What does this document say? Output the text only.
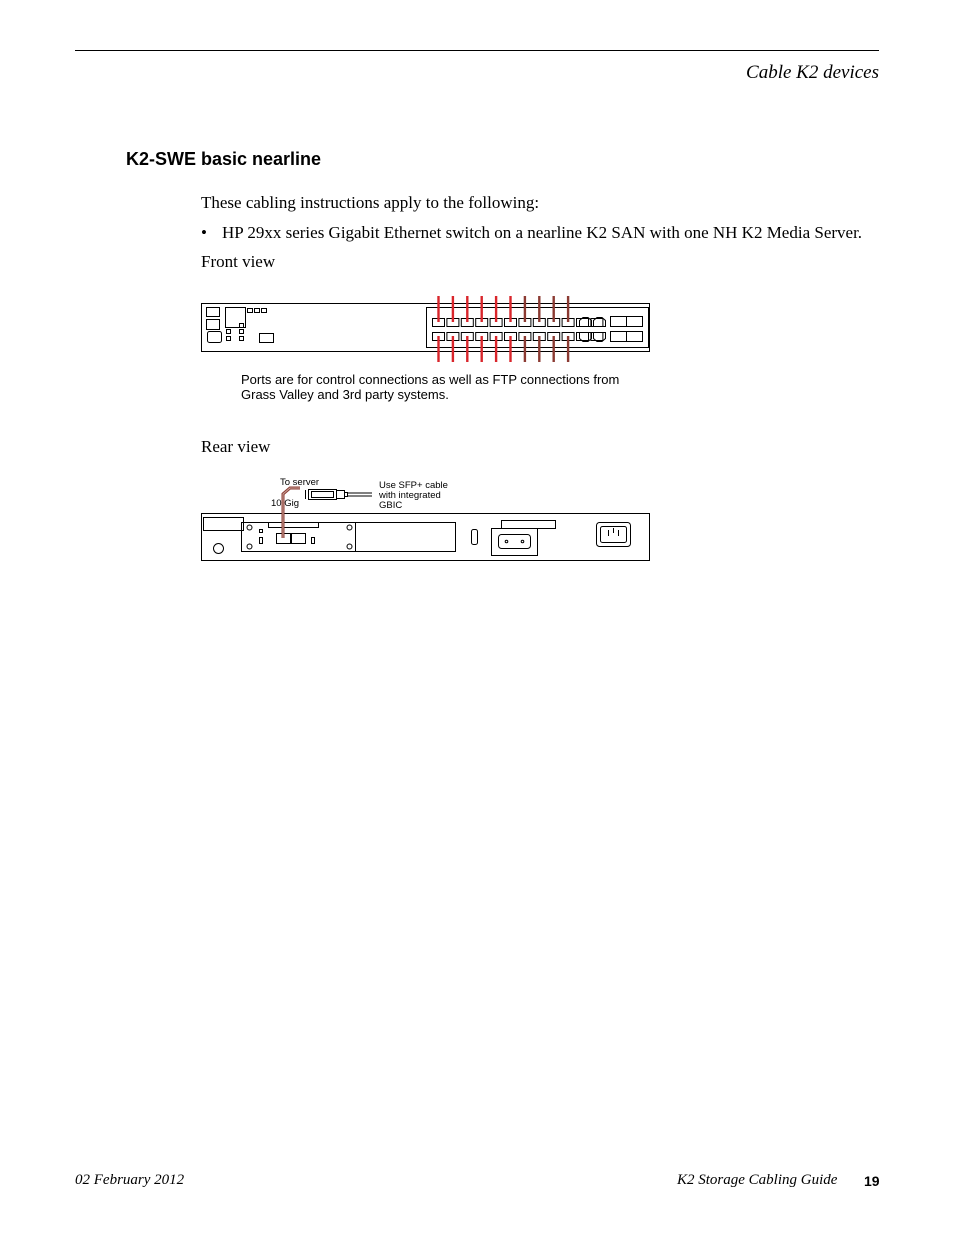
Cable K2 devices
K2-SWE basic nearline
These cabling instructions apply to the following:
• HP 29xx series Gigabit Ethernet switch on a nearline K2 SAN with one NH K2 Media Server.
Front view
Ports are for control connections as well as FTP connections from
Grass Valley and 3rd party systems.
Rear view
To server
10 Gig
Use SFP+ cable
with integrated
GBIC
02 February 2012	K2 Storage Cabling Guide 19
